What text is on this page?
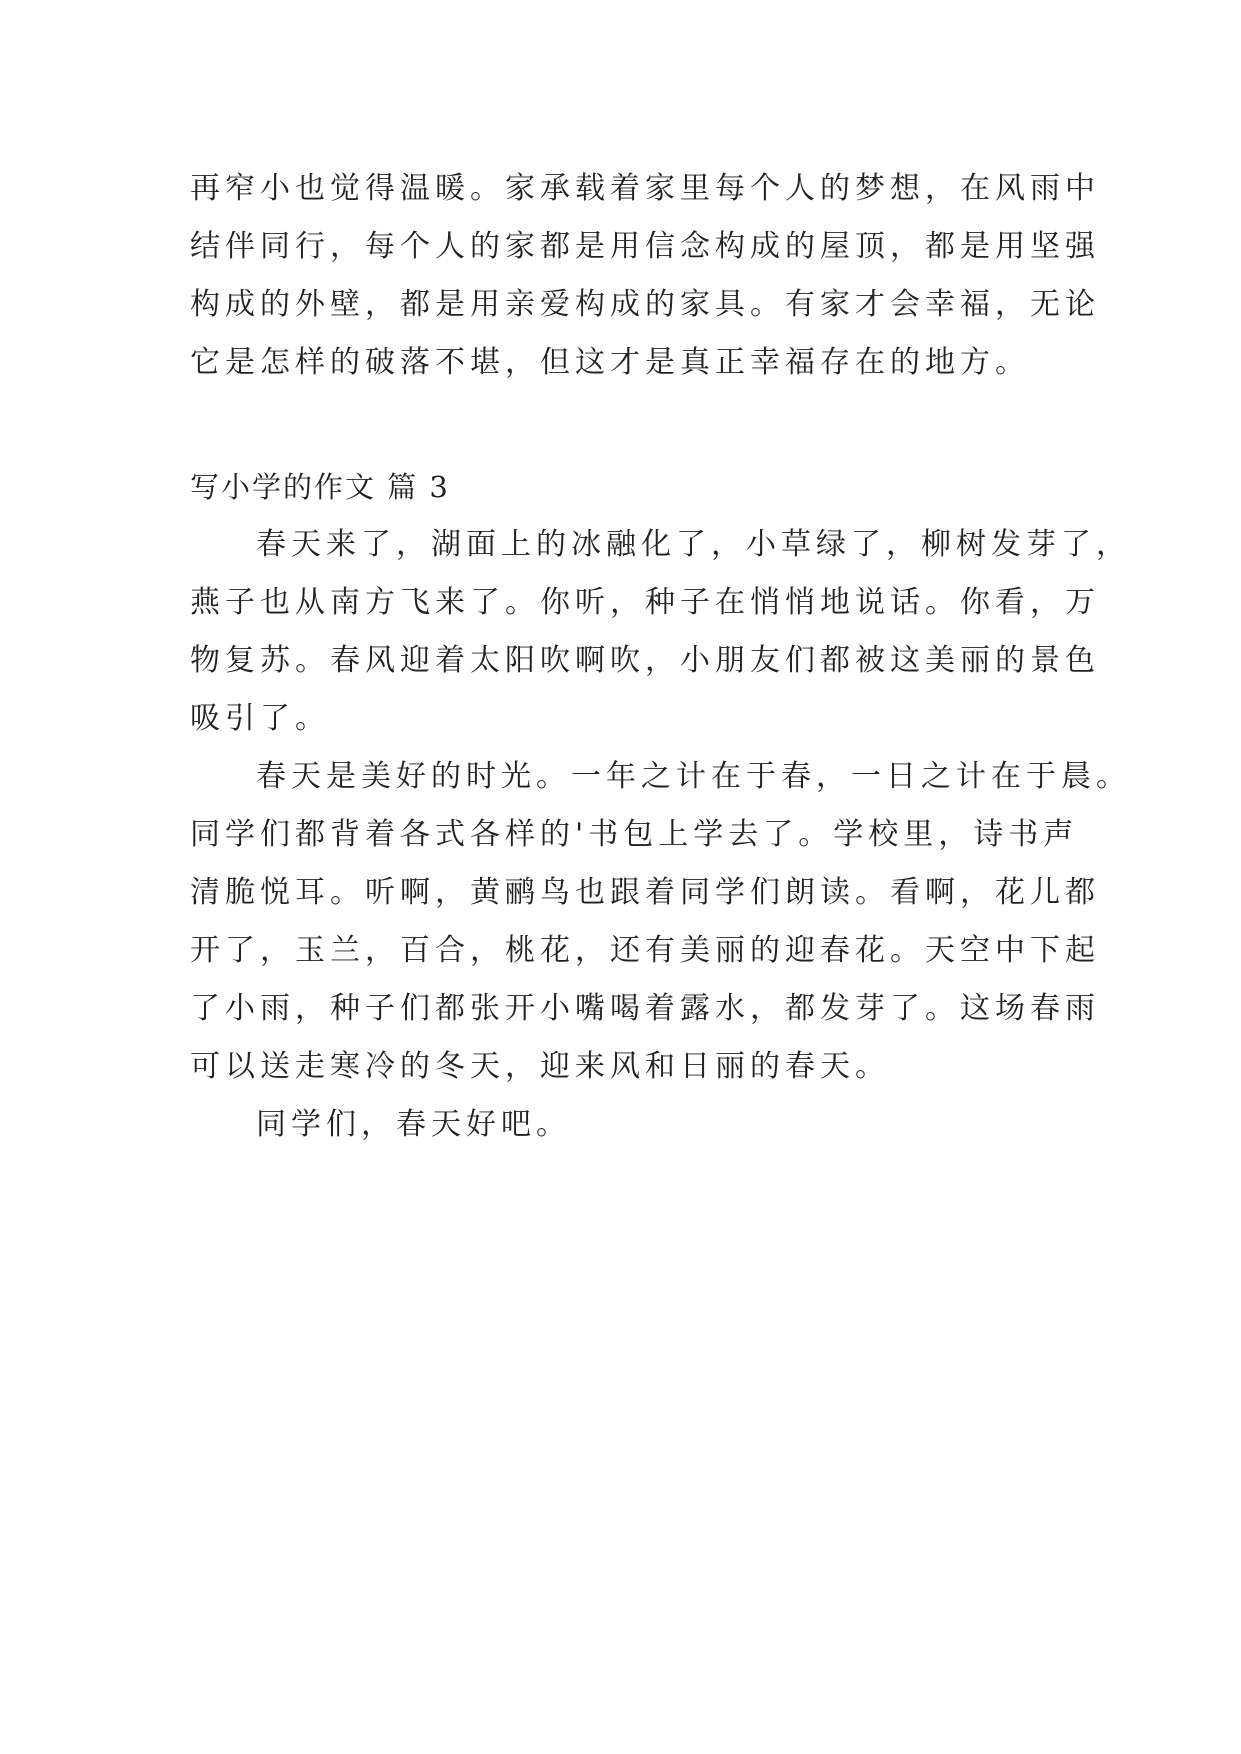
再窄小也觉得温暖。家承载着家里每个人的梦想，在风雨中
结伴同行，每个人的家都是用信念构成的屋顶，都是用坚强
构成的外壁，都是用亲爱构成的家具。有家才会幸福，无论
它是怎样的破落不堪，但这才是真正幸福存在的地方。
写小学的作文 篇 3
春天来了，湖面上的冰融化了，小草绿了，柳树发芽了，
燕子也从南方飞来了。你听，种子在悄悄地说话。你看，万
物复苏。春风迎着太阳吹啊吹，小朋友们都被这美丽的景色
吸引了。
春天是美好的时光。一年之计在于春，一日之计在于晨。
同学们都背着各式各样的'书包上学去了。学校里，诗书声
清脆悦耳。听啊，黄鹂鸟也跟着同学们朗读。看啊，花儿都
开了，玉兰，百合，桃花，还有美丽的迎春花。天空中下起
了小雨，种子们都张开小嘴喝着露水，都发芽了。这场春雨
可以送走寒冷的冬天，迎来风和日丽的春天。
同学们，春天好吧。
